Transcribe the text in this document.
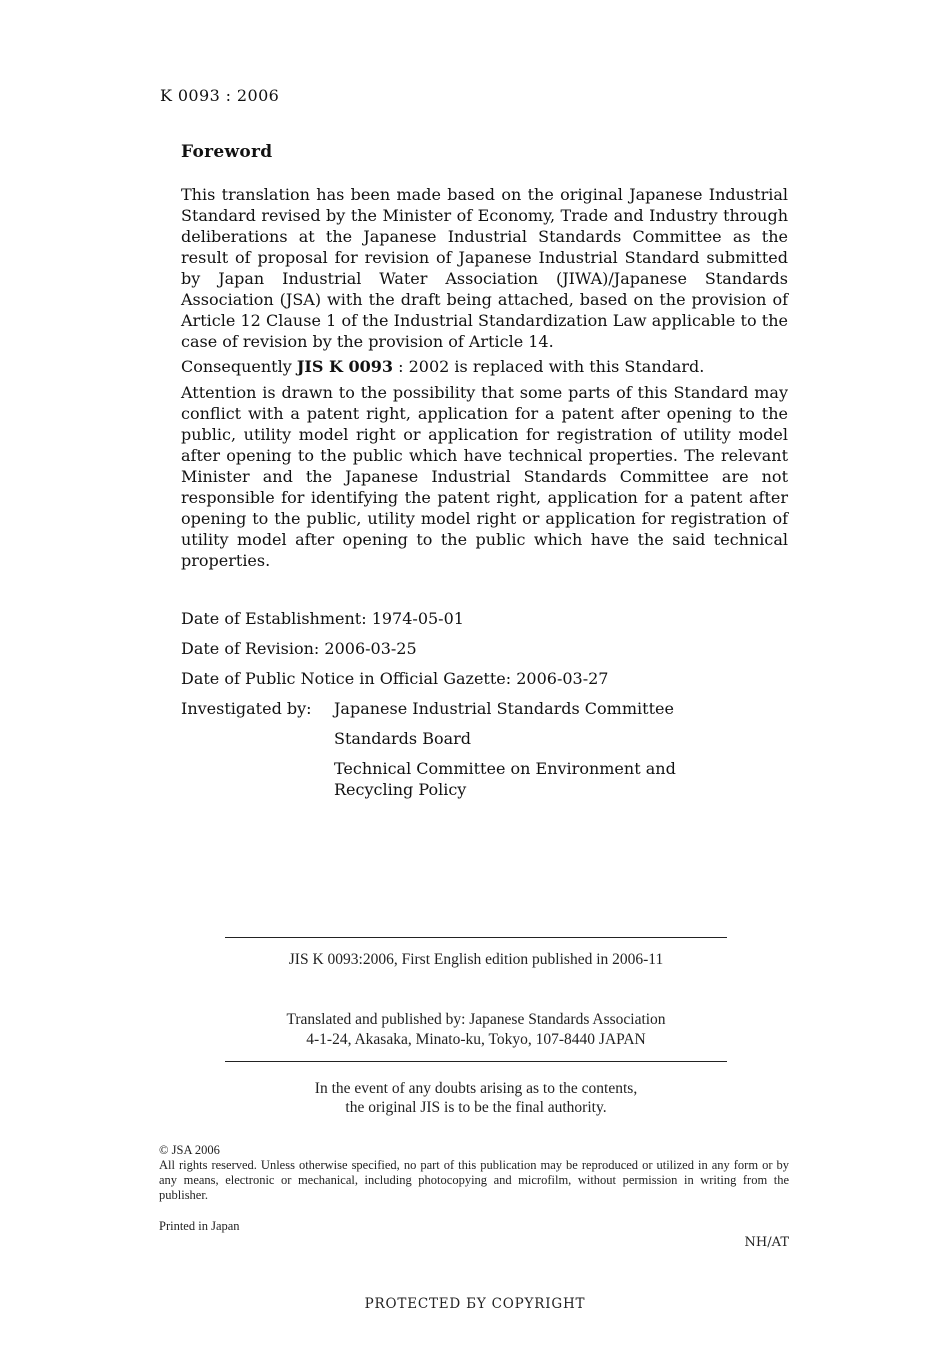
K 0093 : 2006
Foreword

This translation has been made based on the original Japanese Industrial Standard revised by the Minister of Economy, Trade and Industry through deliberations at the Japanese Industrial Standards Committee as the result of proposal for revision of Japanese Industrial Standard submitted by Japan Industrial Water Association (JIWA)/Japanese Standards Association (JSA) with the draft being attached, based on the provision of Article 12 Clause 1 of the Industrial Standardization Law applicable to the case of revision by the provision of Article 14.

Consequently JIS K 0093 : 2002 is replaced with this Standard.

Attention is drawn to the possibility that some parts of this Standard may conflict with a patent right, application for a patent after opening to the public, utility model right or application for registration of utility model after opening to the public which have technical properties. The relevant Minister and the Japanese Industrial Standards Committee are not responsible for identifying the patent right, application for a patent after opening to the public, utility model right or application for registration of utility model after opening to the public which have the said technical properties.

Date of Establishment: 1974-05-01
Date of Revision: 2006-03-25
Date of Public Notice in Official Gazette: 2006-03-27
Investigated by:	Japanese Industrial Standards Committee
Standards Board
Technical Committee on Environment and Recycling Policy
JIS K 0093:2006, First English edition published in 2006-11
Translated and published by: Japanese Standards Association
4-1-24, Akasaka, Minato-ku, Tokyo, 107-8440 JAPAN
In the event of any doubts arising as to the contents,
the original JIS is to be the final authority.
© JSA 2006
All rights reserved. Unless otherwise specified, no part of this publication may be reproduced or utilized in any form or by any means, electronic or mechanical, including photocopying and microfilm, without permission in writing from the publisher.
Printed in Japan
NH/AT
PROTECTED БY COPYRIGHT
